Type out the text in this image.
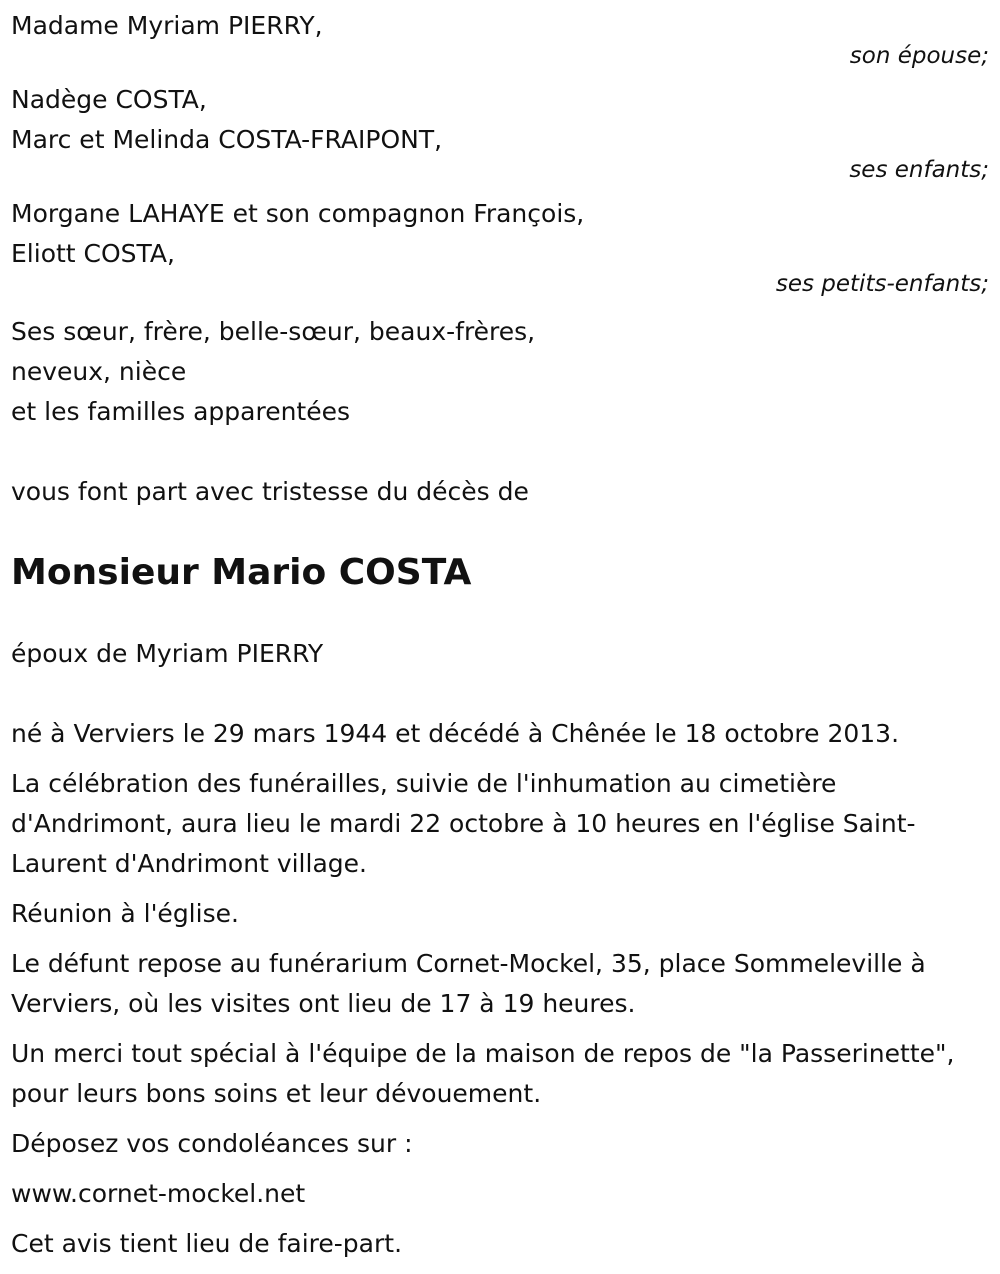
Madame Myriam PIERRY,
son épouse;
Nadège COSTA,
Marc et Melinda COSTA-FRAIPONT,
ses enfants;
Morgane LAHAYE et son compagnon François,
Eliott COSTA,
ses petits-enfants;
Ses sœur, frère, belle-sœur, beaux-frères,
neveux, nièce
et les familles apparentées
vous font part avec tristesse du décès de
Monsieur Mario COSTA
époux de Myriam PIERRY

né à Verviers le 29 mars 1944 et décédé à Chênée le 18 octobre 2013.

La célébration des funérailles, suivie de l'inhumation au cimetière d'Andrimont, aura lieu le mardi 22 octobre à 10 heures en l'église Saint-Laurent d'Andrimont village.

Réunion à l'église.

Le défunt repose au funérarium Cornet-Mockel, 35, place Sommeleville à Verviers, où les visites ont lieu de 17 à 19 heures.

Un merci tout spécial à l'équipe de la maison de repos de "la Passerinette", pour leurs bons soins et leur dévouement.

Déposez vos condoléances sur :

www.cornet-mockel.net

Cet avis tient lieu de faire-part.
